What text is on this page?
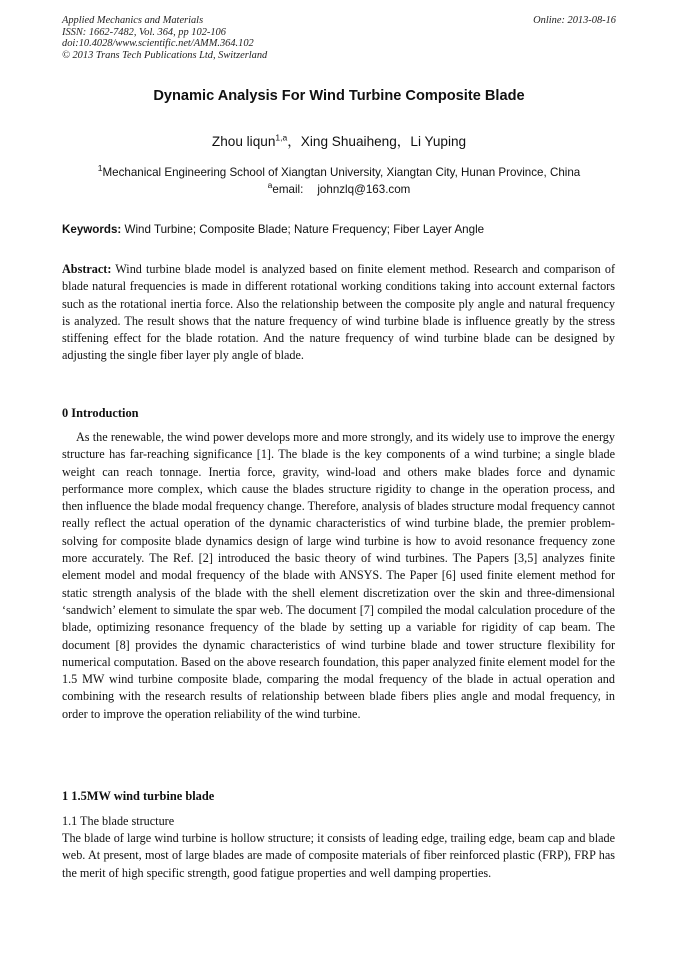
Applied Mechanics and Materials
ISSN: 1662-7482, Vol. 364, pp 102-106
doi:10.4028/www.scientific.net/AMM.364.102
© 2013 Trans Tech Publications Ltd, Switzerland
Online: 2013-08-16
Dynamic Analysis For Wind Turbine Composite Blade
Zhou liqun$^{1,a}$，Xing Shuaiheng，Li Yuping
$^1$Mechanical Engineering School of Xiangtan University, Xiangtan City, Hunan Province, China
$^a$email: johnzlq@163.com
Keywords: Wind Turbine; Composite Blade; Nature Frequency; Fiber Layer Angle
Abstract: Wind turbine blade model is analyzed based on finite element method. Research and comparison of blade natural frequencies is made in different rotational working conditions taking into account external factors such as the rotational inertia force. Also the relationship between the composite ply angle and natural frequency is analyzed. The result shows that the nature frequency of wind turbine blade is influence greatly by the stress stiffening effect for the blade rotation. And the nature frequency of wind turbine blade can be designed by adjusting the single fiber layer ply angle of blade.
0 Introduction
As the renewable, the wind power develops more and more strongly, and its widely use to improve the energy structure has far-reaching significance [1]. The blade is the key components of a wind turbine; a single blade weight can reach tonnage. Inertia force, gravity, wind-load and others make blades force and dynamic performance more complex, which cause the blades structure rigidity to change in the operation process, and then influence the blade modal frequency change. Therefore, analysis of blades structure modal frequency cannot really reflect the actual operation of the dynamic characteristics of wind turbine blade, the premier problem-solving for composite blade dynamics design of large wind turbine is how to avoid resonance frequency zone more accurately. The Ref. [2] introduced the basic theory of wind turbines. The Papers [3,5] analyzes finite element model and modal frequency of the blade with ANSYS. The Paper [6] used finite element method for static strength analysis of the blade with the shell element discretization over the skin and three-dimensional ‘sandwich’ element to simulate the spar web. The document [7] compiled the modal calculation procedure of the blade, optimizing resonance frequency of the blade by setting up a variable for rigidity of cap beam. The document [8] provides the dynamic characteristics of wind turbine blade and tower structure flexibility for numerical computation. Based on the above research foundation, this paper analyzed finite element model for the 1.5 MW wind turbine composite blade, comparing the modal frequency of the blade in actual operation and combining with the research results of relationship between blade fibers plies angle and modal frequency, in order to improve the operation reliability of the wind turbine.
1 1.5MW wind turbine blade
1.1 The blade structure
The blade of large wind turbine is hollow structure; it consists of leading edge, trailing edge, beam cap and blade web. At present, most of large blades are made of composite materials of fiber reinforced plastic (FRP), FRP has the merit of high specific strength, good fatigue properties and well damping properties.
